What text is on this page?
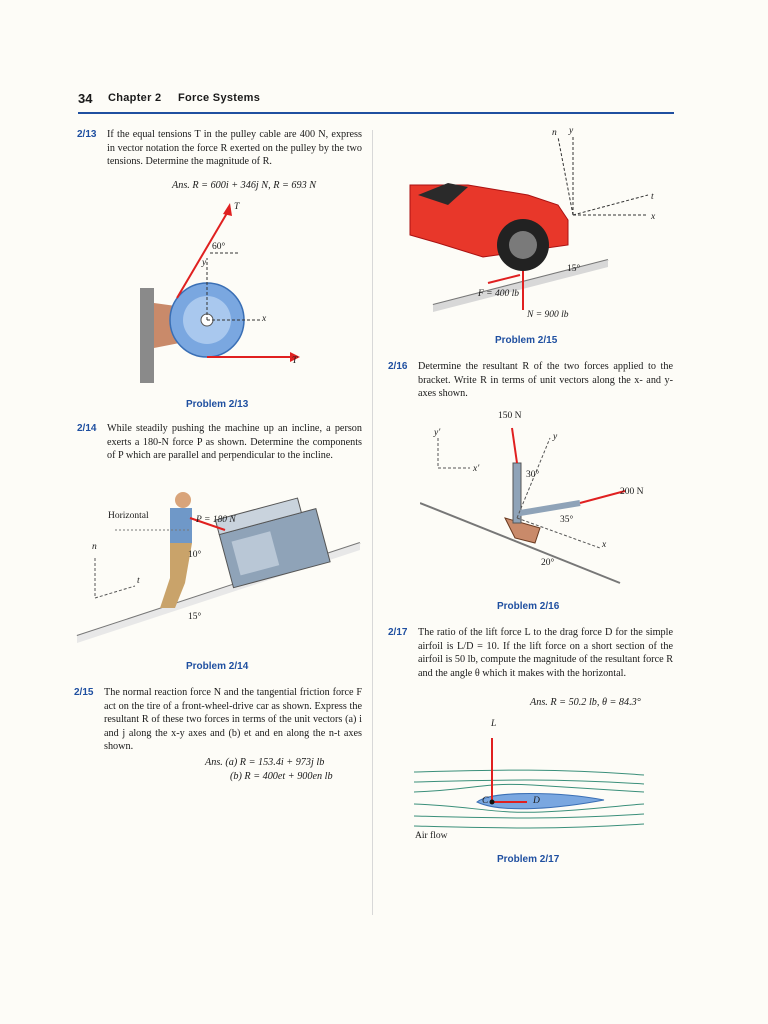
34 Chapter 2 Force Systems
2/13 If the equal tensions T in the pulley cable are 400 N, express in vector notation the force R exerted on the pulley by the two tensions. Determine the magnitude of R.
Ans. R = 600i + 346j N, R = 693 N
T
60°
y
x
T
Problem 2/13
2/14 While steadily pushing the machine up an incline, a person exerts a 180-N force P as shown. Determine the components of P which are parallel and perpendicular to the incline.
Horizontal	P = 180 N
10°
15°
n
t
Problem 2/14
2/15 The normal reaction force N and the tangential friction force F act on the tire of a front-wheel-drive car as shown. Express the resultant R of these two forces in terms of the unit vectors (a) i and j along the x-y axes and (b) et and en along the n-t axes shown.
Ans. (a) R = 153.4i + 973j lb
(b) R = 400et + 900en lb
n y
t
x
15°
F = 400 lb
N = 900 lb
Problem 2/15
2/16 Determine the resultant R of the two forces applied to the bracket. Write R in terms of unit vectors along the x- and y-axes shown.
150 N
200 N
y'
x'
y
x
30°
35°
20°
Problem 2/16
2/17 The ratio of the lift force L to the drag force D for the simple airfoil is L/D = 10. If the lift force on a short section of the airfoil is 50 lb, compute the magnitude of the resultant force R and the angle θ which it makes with the horizontal.
Ans. R = 50.2 lb, θ = 84.3°
L
C	D
Air flow
Problem 2/17
